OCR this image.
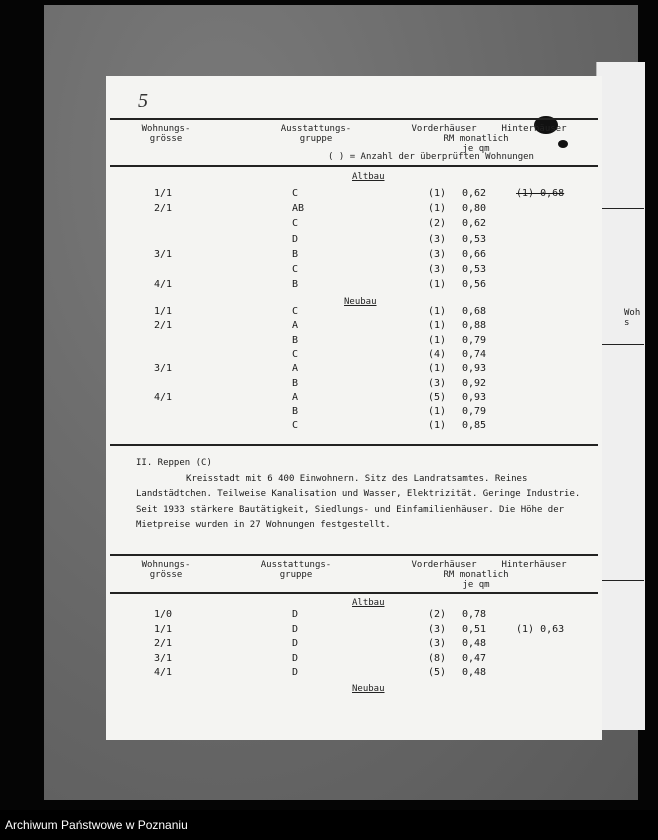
Woh
s
5
Wohnungs-
grösse
Ausstattungs-
gruppe
Vorderhäuser	Hinterhäuser
RM monatlich
je qm
( ) = Anzahl der überprüften Wohnungen
Altbau
1/1	C	(1) 0,62	(1) 0,68
2/1	AB	(1) 0,80
C	(2) 0,62
D	(3) 0,53
3/1	B	(3) 0,66
C	(3) 0,53
4/1	B	(1) 0,56
Neubau
1/1	C	(1) 0,68
2/1	A	(1) 0,88
B	(1) 0,79
C	(4) 0,74
3/1	A	(1) 0,93
B	(3) 0,92
4/1	A	(5) 0,93
B	(1) 0,79
C	(1) 0,85
II. Reppen (C)
Kreisstadt mit 6 400 Einwohnern. Sitz des Landratsamtes. Reines Landstädtchen. Teilweise Kanalisation und Wasser, Elektrizität. Geringe Industrie. Seit 1933 stärkere Bautätigkeit, Siedlungs- und Einfamilienhäuser. Die Höhe der Mietpreise wurden in 27 Wohnungen festgestellt.
Wohnungs-
grösse
Ausstattungs-
gruppe
Vorderhäuser	Hinterhäuser
RM monatlich
je qm
Altbau
1/0	D	(2) 0,78
1/1	D	(3) 0,51	(1) 0,63
2/1	D	(3) 0,48
3/1	D	(8) 0,47
4/1	D	(5) 0,48
Neubau
Archiwum Państwowe w Poznaniu
